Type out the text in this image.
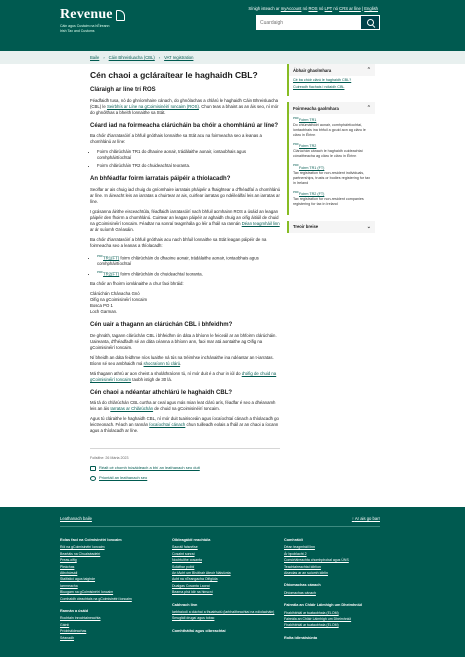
Revenue
Cáin agus Custaim na hÉireann
Irish Tax and Customs
Sínigh isteach ar myAccount nó ROS nó LPT nó CRS ar líne | English
Cuardaigh
Baile › Cáin Bhreisluacha (CBL) › VAT registration
Cén chaoi a gcláraítear le haghaidh CBL?
Cláraigh ar líne trí ROS

Féadfaidh tusa, nó do ghníomhaire cánach, do ghnólachas a chlárú le haghaidh Cáin Bhreisluacha (CBL) le Seirbhís ar Líne na gCoimisinéirí Ioncaim (ROS). Chun teas a bhaint as an áis seo, ní mór do ghnólthas a bheith lonnaithe sa Stát.

Céard iad na foirmeacha clárúcháin ba chóir a chomhlánú ar líne?

Ba chóir d'iarratasóirí a bhfuil gnóthais lonnaithe sa Stát acu na foirmeacha seo a leanas a chomhlánú ar líne:

• Foirm chlárúcháin TR1 do dhaoine aonair, trádálaithe aonair, iontaobhais agus comhpháirtíochtaí
• Foirm chlárúcháin TR2 do chuideachtaí teoranta.
An bhféadfar foirm iarratais páipéir a thíolacadh?

Seolfar ar ais chuig iad chuig do gníomhaire iarratais pháipéir a fhaightear a d'fhéadfaí a chomhlánú ar líne. In áireacht leis an iarratas a chuirtear ar ais, cuirfear iarratas go ndéileálfaí leis an iarratas ar líne.

I gcásanna áirithe eisceachtúla, féadfaidh iarratasóirí nach bhfuil acmhainn ROS a úsáid an leagan páipéir den fhoirm a chomhlánú. Cuirtear an leagan páipéir ar aghaidh chuig an oifig áitiúil de chuid na gCoimisinéirí Ioncaim. Féadtar na sonraí teagmhála go léir a fháil sa rannán Déan teagmháil linn ar ár suíomh Gréasáin.

Ba chóir d'iarratasóirí a bhfuil gnóthais acu nach bhfuil lonnaithe sa Stát leagan páipéir de na foirmeacha seo a leanas a thíolacadh:

• $^{PDF}$TR1(FT) foirm chlárúcháin do dhaoine aonair, trádálaithe aonair, iontaobhais agus comhpháirtíochtaí
• $^{PDF}$TR2(FT) foirm chlárúcháin do chuideachtaí teoranta.

Ba chóir an fhoirm iomlánaithe a chur faoi bhráid:

Clárúchán Chánacha Gnó
Oifig na gCoimisinéirí Ioncaim
Bosca PO 1
Loch Garman.
Cén uair a thagann an clárúchán CBL i bhfeidhm?

De ghnáth, tagann clárúchán CBL i bhfeidhm ón dáta a bhíonn le feiceáil ar an bhfoirm clárúcháin. Uaireanta, d'fhéadfadh sé an dáta céanna a bhíonn ann, faoi mar atá aontaithe ag Oifig na gCoimisinéirí Ioncaim.

Ní bheidh an dáta feidhme níos luaithe ná tús na tréimhse inchánaithe ina ndéantar an t-iarratas. Bíonn sé seo ambhaidh má shocraíonn tú clárú.

Má thagann athrú ar aon cheist a sholáthraíonn tú, ní mór duit é a chur in iúl do d'oifig de chuid na gCoimisinéirí Ioncaim taobh istigh de 30 lá.

Cén chaoi a ndéantar athchlárú le haghaidh CBL?

Má tá do chlárúchán CBL curtha ar ceal agus más mian leat clárú arís, féadfar é seo a dhéanamh leis an áis Iarratas ar Chlárúchán de chuid na gCoimisinéirí Ioncaim.

Agus tú cláraithe le haghaidh CBL, ní mór duit tuairisceáin agus íocaíochtaí cánach a thíolacadh go leictreonach. Féach an rannán Íocaíochtaí cánach chun tuilleadh eolais a fháil ar an chaoi a íocann agus a thíolacadh ar líne.

Foilsithe: 26 Márta 2023
Réalt cé chomh húsáideach a bhí an leathanach seo duit
Priontáil an leathanach seo
Ábhair ghaolmhara	⌃
Cé ba chóir clárú le haghaidh CBL?
Cuireadh fiachais i ndiaidh CBL
Foirmeacha gaolmhara	⌃
$^{PDF}$Foirm TR1
Do chlúmáthóirí aonair, comhpháirtíochtaí, iontaobhais ina bhfuil a gcuid aon ag cláru le cláru in Éirinn
$^{PDF}$Foirm TR2
Clárúchán cánach le haghaidh cuideachtaí cónaitheacha ag cláru le cláru in Éirinn
$^{PDF}$Foirm TR1 (FT)
Tax registration for non-resident individuals, partnerships, trusts or bodies registering for tax in Ireland
$^{PDF}$Foirm TR2 (FT)
Tax registration for non-resident companies registering for tax in Ireland
Treoir breise	⌄
Leathanach baile	↑ Ar ais go barr
Eolas faoi na Coimisinéirí Ioncaim
Ról na gCoimisinéirí Ioncaim
Beartáis na Chuaiséadeirí
Preas-oifig
Pleáchas
Athchúrsáil
Staitisticí agus taighde
Iarrmeacha
Bluogam na gCoimisinéirí Ioncaim
Comhaidh cleachtais na gCoimisinéirí Ioncaim
Rannán a úsáid
Rochtain inrochtaineachta
Gáinlí
Príobháideachas
Séanadh
Oibleagáidí reachtúla
Saoráil faisnéise
Cosaint sonraí
Nochtuithe cosanta
Soláthar poiblí
An tAcht um Bhóthair Ateoir Náisiúnta
Acht na nTeangacha Oifigiúla
Dualgas Cosanta Laoraí
Bearna phá idir na hinscní
Cabhrach linn
Iarbhaíodí a cláchaí a thuairisciú (iarbhaitheachtaí na ndíolacháin)
Smugláil drugaí agus tobac
Comhtháthú agus oibreachtaí
Comhráidí
Déan teagmháil linn
Ár bpoblacht 2
Comórtáireachta chomhphobal agus ÚNS
Teachtaireachtaí idirlíon
Aiseolas ar an suíomh idirlín
Dhíomachas cánach
Dhíomachas cánach
Faireála an Chláir Láimhigh um Dheimhniúl
Fhaldhbhiál ar tuataobhala (ELOM)
Faireála an Chláir Láimhigh um Dheimhniúl
Fhaldhbhiál ar tuataobhala (ELOM)
Rolta idirnáisiúnta
